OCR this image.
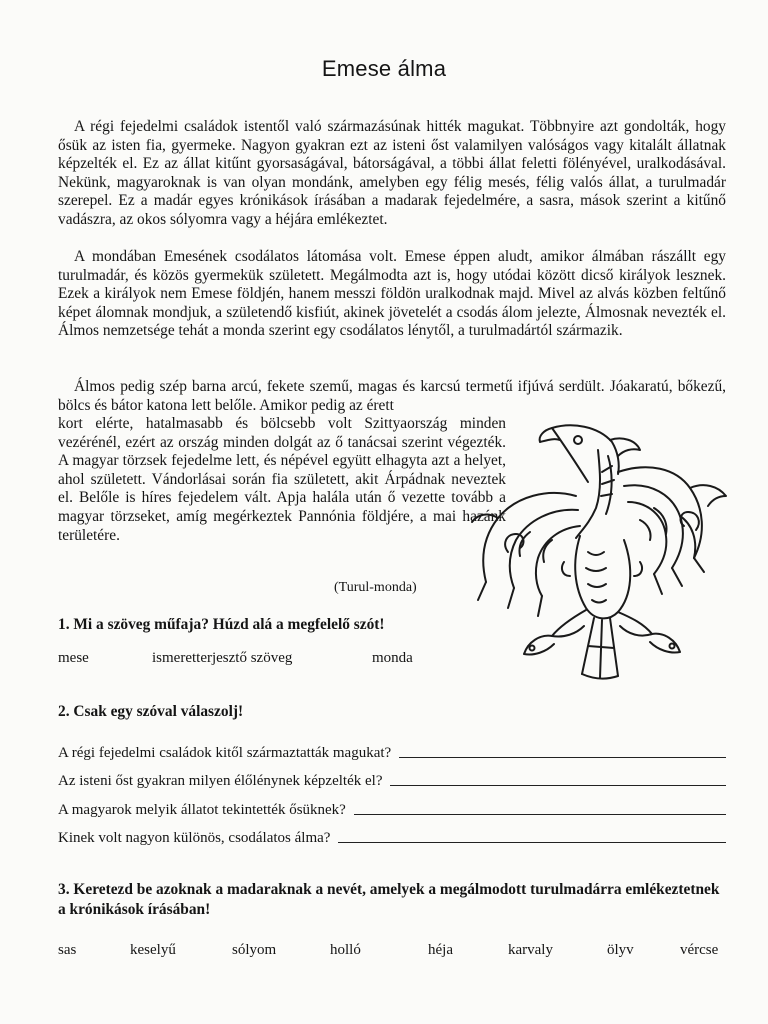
Emese álma

A régi fejedelmi családok istentől való származásúnak hitték magukat. Többnyire azt gondolták, hogy ősük az isten fia, gyermeke. Nagyon gyakran ezt az isteni őst valamilyen valóságos vagy kitalált állatnak képzelték el. Ez az állat kitűnt gyorsaságával, bátorságával, a többi állat feletti fölényével, uralkodásával. Nekünk, magyaroknak is van olyan mondánk, amelyben egy félig mesés, félig valós állat, a turulmadár szerepel. Ez a madár egyes krónikások írásában a madarak fejedelmére, a sasra, mások szerint a kitűnő vadászra, az okos sólyomra vagy a héjára emlékeztet.

A mondában Emesének csodálatos látomása volt. Emese éppen aludt, amikor álmában rászállt egy turulmadár, és közös gyermekük született. Megálmodta azt is, hogy utódai között dicső királyok lesznek. Ezek a királyok nem Emese földjén, hanem messzi földön uralkodnak majd. Mivel az alvás közben feltűnő képet álomnak mondjuk, a születendő kisfiút, akinek jövetelét a csodás álom jelezte, Álmosnak nevezték el. Álmos nemzetsége tehát a monda szerint egy csodálatos lénytől, a turulmadártól származik.

Álmos pedig szép barna arcú, fekete szemű, magas és karcsú termetű ifjúvá serdült. Jóakaratú, bőkezű, bölcs és bátor katona lett belőle. Amikor pedig az érett

kort elérte, hatalmasabb és bölcsebb volt Szittyaország minden vezérénél, ezért az ország minden dolgát az ő tanácsai szerint végezték. A magyar törzsek fejedelme lett, és népével együtt elhagyta azt a helyet, ahol született. Vándorlásai során fia született, akit Árpádnak neveztek el. Belőle is híres fejedelem vált. Apja halála után ő vezette tovább a magyar törzseket, amíg megérkeztek Pannónia földjére, a mai hazánk területére.

(Turul-monda)
1. Mi a szöveg műfaja? Húzd alá a megfelelő szót!
mese	ismeretterjesztő szöveg	monda
2. Csak egy szóval válaszolj!
A régi fejedelmi családok kitől származtatták magukat?
Az isteni őst gyakran milyen élőlénynek képzelték el?
A magyarok melyik állatot tekintették ősüknek?
Kinek volt nagyon különös, csodálatos álma?
3. Keretezd be azoknak a madaraknak a nevét, amelyek a megálmodott turulmadárra emlékeztetnek a krónikások írásában!
sas	keselyű	sólyom	holló	héja	karvaly	ölyv	vércse
